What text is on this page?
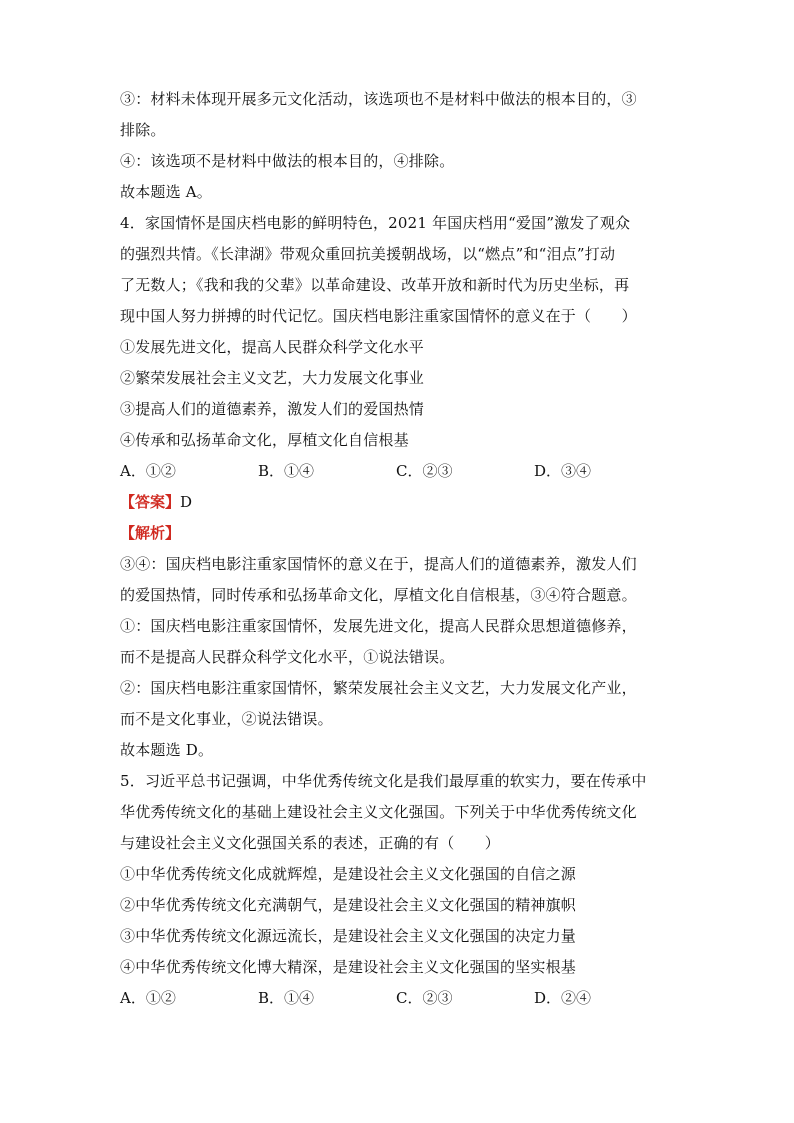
③：材料未体现开展多元文化活动，该选项也不是材料中做法的根本目的，③
排除。
④：该选项不是材料中做法的根本目的，④排除。
故本题选 A。
4．家国情怀是国庆档电影的鲜明特色，2021 年国庆档用“爱国”激发了观众
的强烈共情。《长津湖》带观众重回抗美援朝战场，以“燃点”和“泪点”打动
了无数人；《我和我的父辈》以革命建设、改革开放和新时代为历史坐标，再
现中国人努力拼搏的时代记忆。国庆档电影注重家国情怀的意义在于（　　）
①发展先进文化，提高人民群众科学文化水平
②繁荣发展社会主义文艺，大力发展文化事业
③提高人们的道德素养，激发人们的爱国热情
④传承和弘扬革命文化，厚植文化自信根基
A．①②	B．①④	C．②③	D．③④
【答案】D
【解析】
③④：国庆档电影注重家国情怀的意义在于，提高人们的道德素养，激发人们
的爱国热情，同时传承和弘扬革命文化，厚植文化自信根基，③④符合题意。
①：国庆档电影注重家国情怀，发展先进文化，提高人民群众思想道德修养，
而不是提高人民群众科学文化水平，①说法错误。
②：国庆档电影注重家国情怀，繁荣发展社会主义文艺，大力发展文化产业，
而不是文化事业，②说法错误。
故本题选 D。
5．习近平总书记强调，中华优秀传统文化是我们最厚重的软实力，要在传承中
华优秀传统文化的基础上建设社会主义文化强国。下列关于中华优秀传统文化
与建设社会主义文化强国关系的表述，正确的有（　　）
①中华优秀传统文化成就辉煌，是建设社会主义文化强国的自信之源
②中华优秀传统文化充满朝气，是建设社会主义文化强国的精神旗帜
③中华优秀传统文化源远流长，是建设社会主义文化强国的决定力量
④中华优秀传统文化博大精深，是建设社会主义文化强国的坚实根基
A．①②	B．①④	C．②③	D．②④
